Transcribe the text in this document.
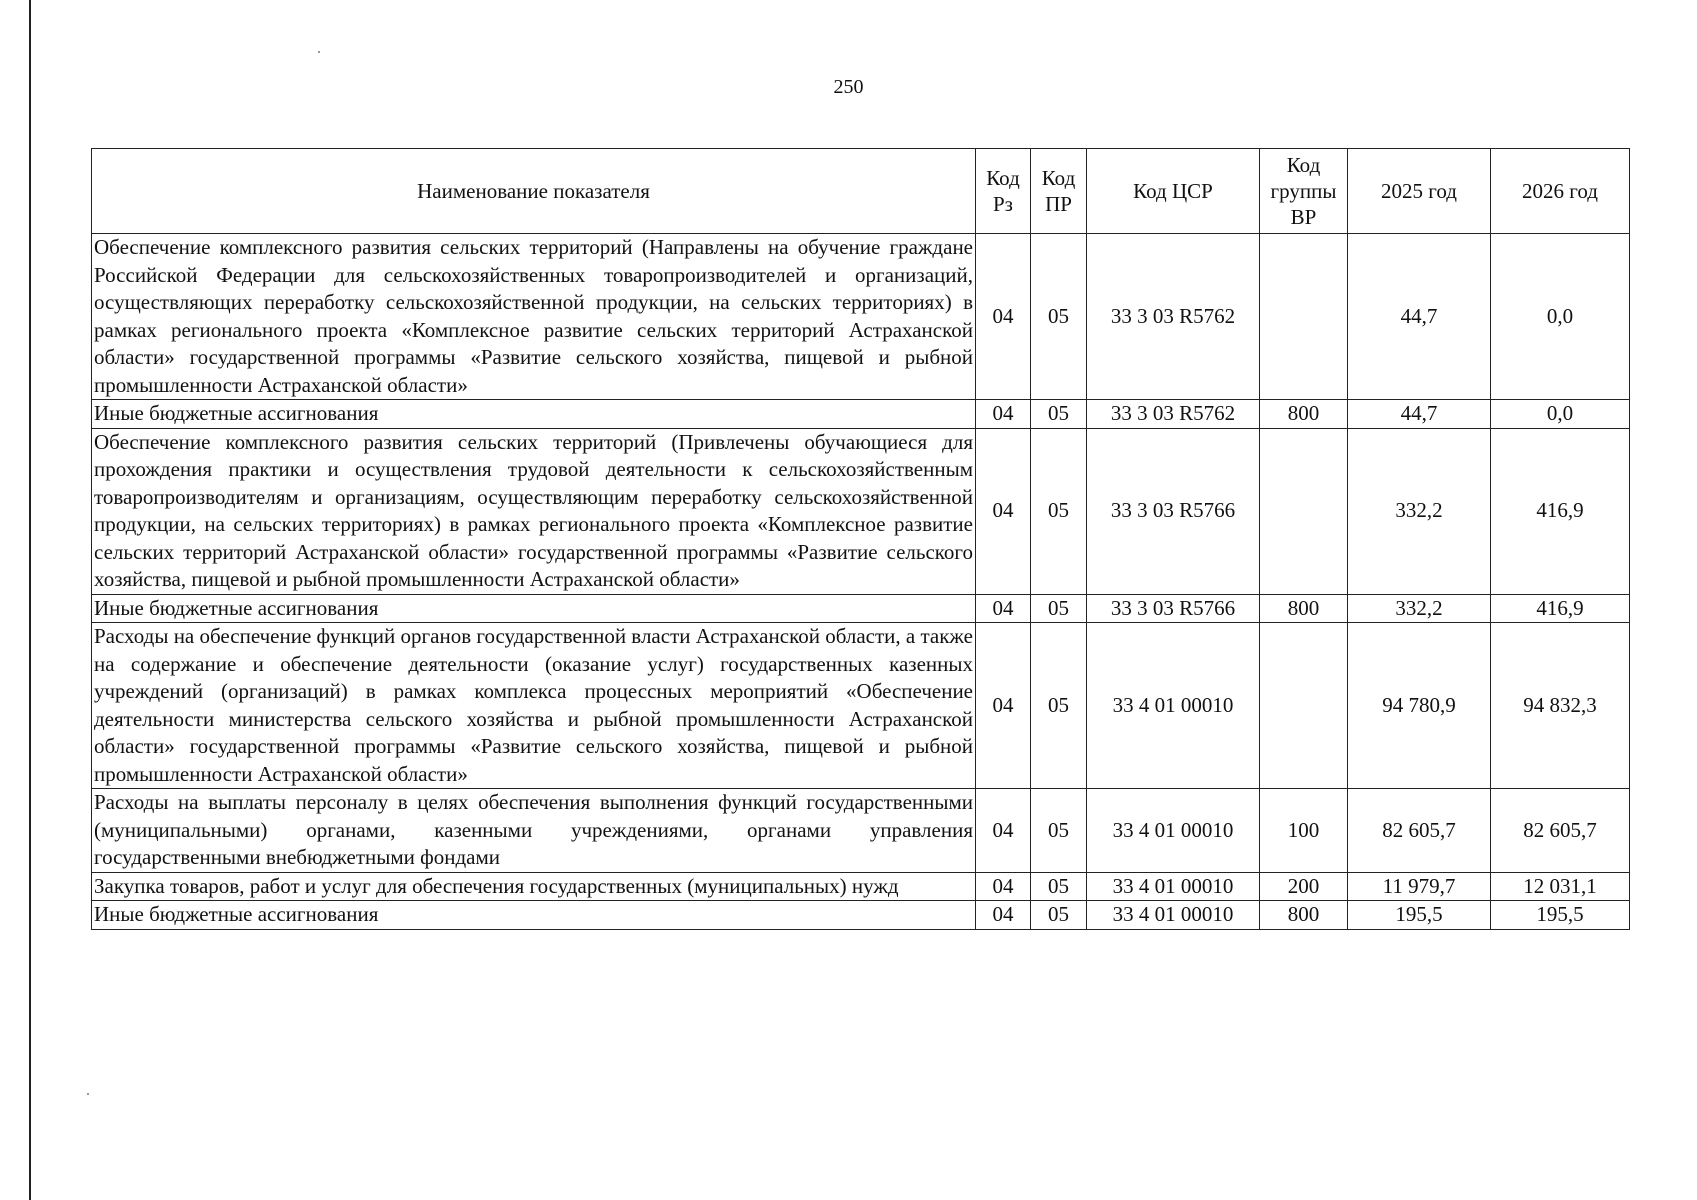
250
Наименование показателя	Код Рз	Код ПР	Код ЦСР	Код группы ВР	2025 год	2026 год
Обеспечение комплексного развития сельских территорий (Направлены на обучение граждане Российской Федерации для сельскохозяйственных товаропроизводителей и организаций, осуществляющих переработку сельскохозяйственной продукции, на сельских территориях) в рамках регионального проекта «Комплексное развитие сельских территорий Астраханской области» государственной программы «Развитие сельского хозяйства, пищевой и рыбной промышленности Астраханской области»	04	05	33 3 03 R5762		44,7	0,0
Иные бюджетные ассигнования	04	05	33 3 03 R5762	800	44,7	0,0
Обеспечение комплексного развития сельских территорий (Привлечены обучающиеся для прохождения практики и осуществления трудовой деятельности к сельскохозяйственным товаропроизводителям и организациям, осуществляющим переработку сельскохозяйственной продукции, на сельских территориях) в рамках регионального проекта «Комплексное развитие сельских территорий Астраханской области» государственной программы «Развитие сельского хозяйства, пищевой и рыбной промышленности Астраханской области»	04	05	33 3 03 R5766		332,2	416,9
Иные бюджетные ассигнования	04	05	33 3 03 R5766	800	332,2	416,9
Расходы на обеспечение функций органов государственной власти Астраханской области, а также на содержание и обеспечение деятельности (оказание услуг) государственных казенных учреждений (организаций) в рамках комплекса процессных мероприятий «Обеспечение деятельности министерства сельского хозяйства и рыбной промышленности Астраханской области» государственной программы «Развитие сельского хозяйства, пищевой и рыбной промышленности Астраханской области»	04	05	33 4 01 00010		94 780,9	94 832,3
Расходы на выплаты персоналу в целях обеспечения выполнения функций государственными (муниципальными) органами, казенными учреждениями, органами управления государственными внебюджетными фондами	04	05	33 4 01 00010	100	82 605,7	82 605,7
Закупка товаров, работ и услуг для обеспечения государственных (муниципальных) нужд	04	05	33 4 01 00010	200	11 979,7	12 031,1
Иные бюджетные ассигнования	04	05	33 4 01 00010	800	195,5	195,5
